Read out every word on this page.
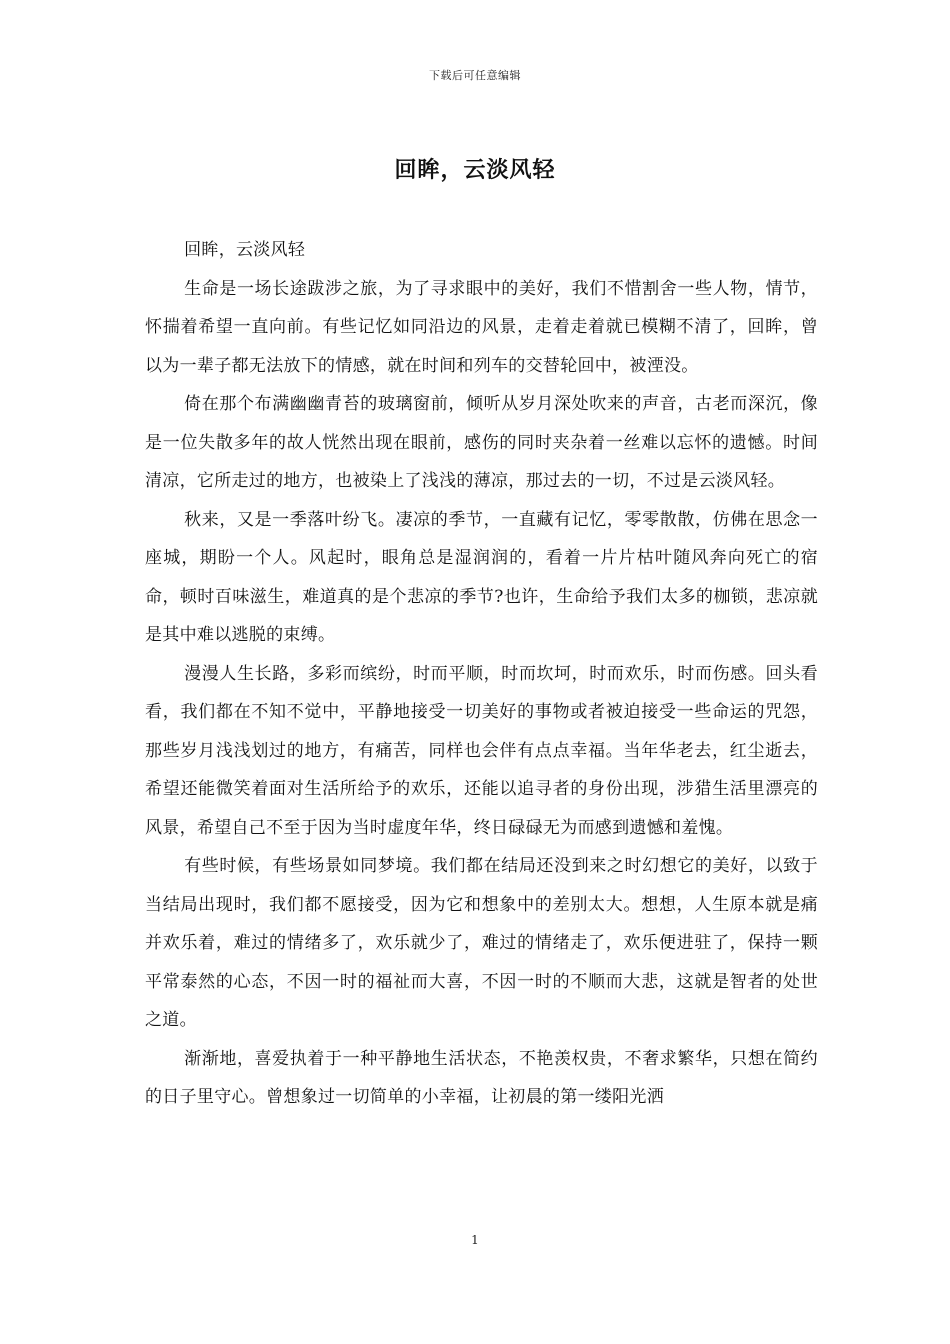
下载后可任意编辑
回眸，云淡风轻

回眸，云淡风轻

生命是一场长途跋涉之旅，为了寻求眼中的美好，我们不惜割舍一些人物，情节，怀揣着希望一直向前。有些记忆如同沿边的风景，走着走着就已模糊不清了，回眸，曾以为一辈子都无法放下的情感，就在时间和列车的交替轮回中，被湮没。

倚在那个布满幽幽青苔的玻璃窗前，倾听从岁月深处吹来的声音，古老而深沉，像是一位失散多年的故人恍然出现在眼前，感伤的同时夹杂着一丝难以忘怀的遗憾。时间清凉，它所走过的地方，也被染上了浅浅的薄凉，那过去的一切，不过是云淡风轻。

秋来，又是一季落叶纷飞。凄凉的季节，一直藏有记忆，零零散散，仿佛在思念一座城，期盼一个人。风起时，眼角总是湿润润的，看着一片片枯叶随风奔向死亡的宿命，顿时百味滋生，难道真的是个悲凉的季节?也许，生命给予我们太多的枷锁，悲凉就是其中难以逃脱的束缚。

漫漫人生长路，多彩而缤纷，时而平顺，时而坎坷，时而欢乐，时而伤感。回头看看，我们都在不知不觉中，平静地接受一切美好的事物或者被迫接受一些命运的咒怨，那些岁月浅浅划过的地方，有痛苦，同样也会伴有点点幸福。当年华老去，红尘逝去，希望还能微笑着面对生活所给予的欢乐，还能以追寻者的身份出现，涉猎生活里漂亮的风景，希望自己不至于因为当时虚度年华，终日碌碌无为而感到遗憾和羞愧。

有些时候，有些场景如同梦境。我们都在结局还没到来之时幻想它的美好，以致于当结局出现时，我们都不愿接受，因为它和想象中的差别太大。想想，人生原本就是痛并欢乐着，难过的情绪多了，欢乐就少了，难过的情绪走了，欢乐便进驻了，保持一颗平常泰然的心态，不因一时的福祉而大喜，不因一时的不顺而大悲，这就是智者的处世之道。

渐渐地，喜爱执着于一种平静地生活状态，不艳羡权贵，不奢求繁华，只想在简约的日子里守心。曾想象过一切简单的小幸福，让初晨的第一缕阳光洒

1
